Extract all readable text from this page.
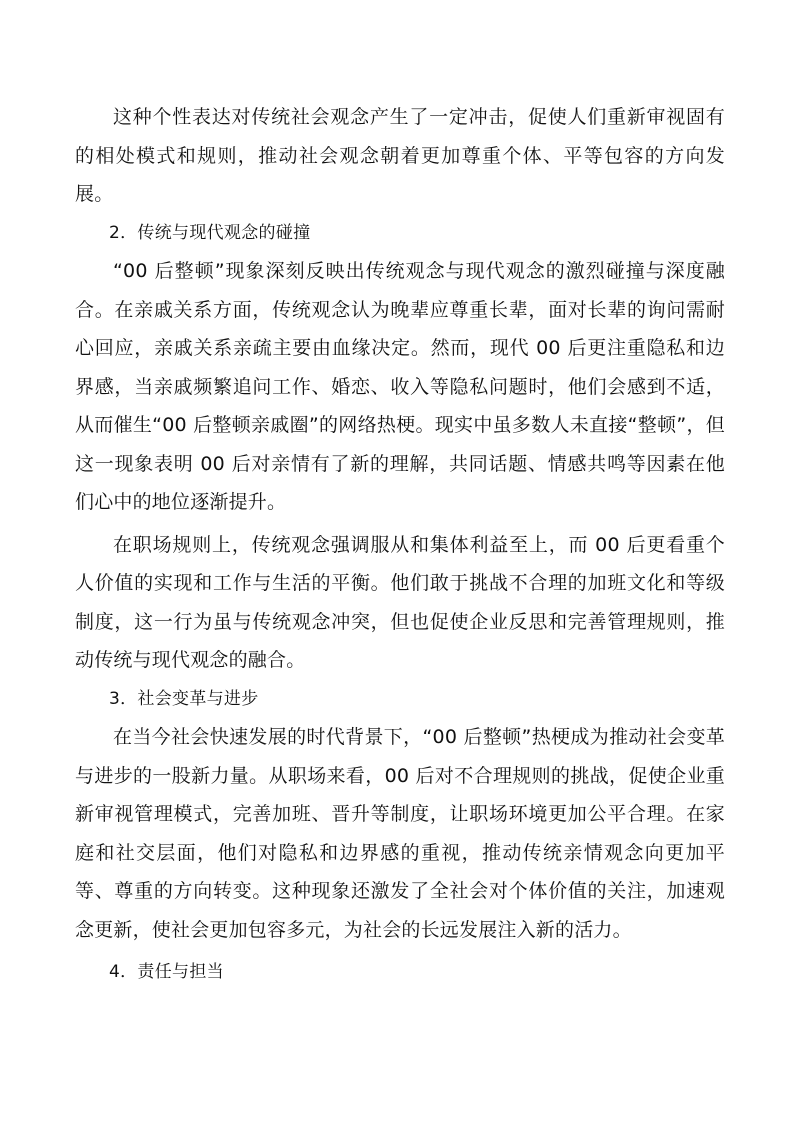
这种个性表达对传统社会观念产生了一定冲击，促使人们重新审视固有的相处模式和规则，推动社会观念朝着更加尊重个体、平等包容的方向发展。

2．传统与现代观念的碰撞

“00 后整顿”现象深刻反映出传统观念与现代观念的激烈碰撞与深度融合。在亲戚关系方面，传统观念认为晚辈应尊重长辈，面对长辈的询问需耐心回应，亲戚关系亲疏主要由血缘决定。然而，现代 00 后更注重隐私和边界感，当亲戚频繁追问工作、婚恋、收入等隐私问题时，他们会感到不适，从而催生“00 后整顿亲戚圈”的网络热梗。现实中虽多数人未直接“整顿”，但这一现象表明 00 后对亲情有了新的理解，共同话题、情感共鸣等因素在他们心中的地位逐渐提升。

在职场规则上，传统观念强调服从和集体利益至上，而 00 后更看重个人价值的实现和工作与生活的平衡。他们敢于挑战不合理的加班文化和等级制度，这一行为虽与传统观念冲突，但也促使企业反思和完善管理规则，推动传统与现代观念的融合。

3．社会变革与进步

在当今社会快速发展的时代背景下，“00 后整顿”热梗成为推动社会变革与进步的一股新力量。从职场来看，00 后对不合理规则的挑战，促使企业重新审视管理模式，完善加班、晋升等制度，让职场环境更加公平合理。在家庭和社交层面，他们对隐私和边界感的重视，推动传统亲情观念向更加平等、尊重的方向转变。这种现象还激发了全社会对个体价值的关注，加速观念更新，使社会更加包容多元，为社会的长远发展注入新的活力。

4．责任与担当
